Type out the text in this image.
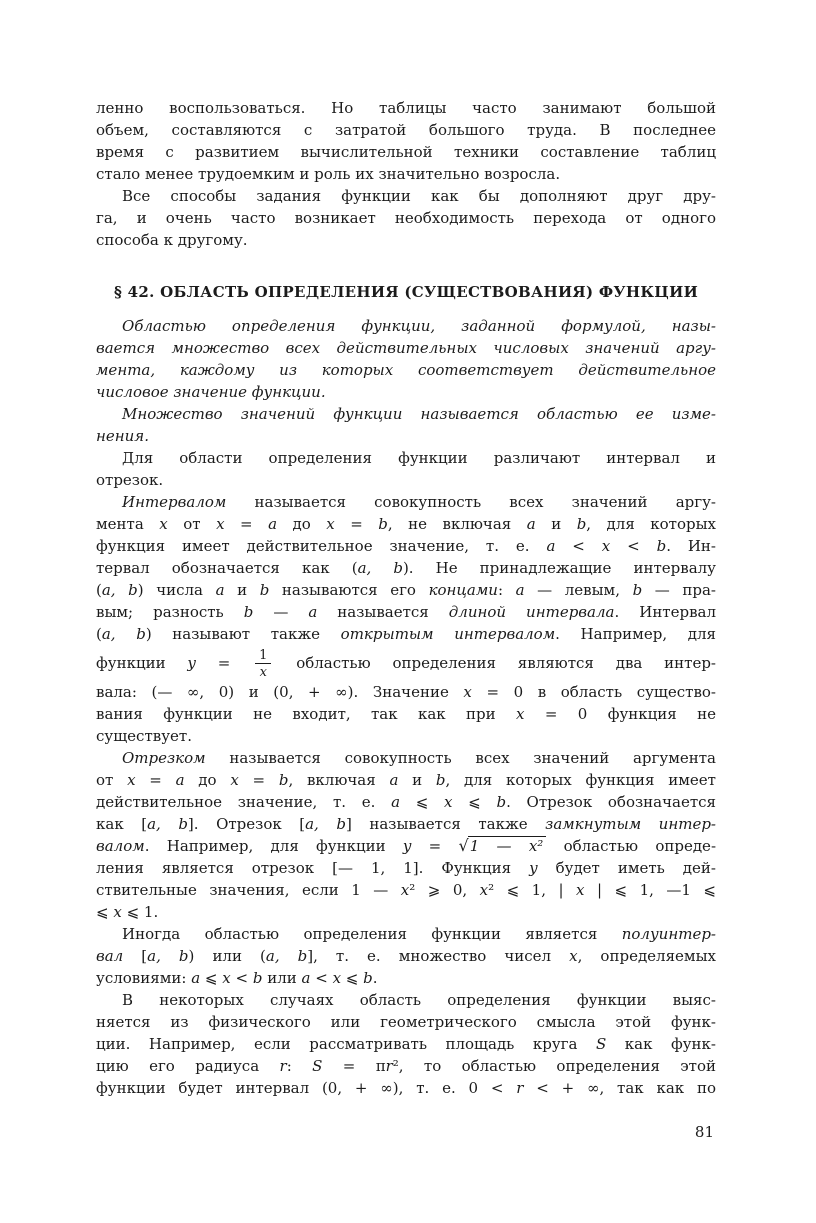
ленно воспользоваться. Но таблицы часто занимают большой
объем, составляются с затратой большого труда. В последнее
время с развитием вычислительной техники составление таблиц
стало менее трудоемким и роль их значительно возросла.
Все способы задания функции как бы дополняют друг дру-
га, и очень часто возникает необходимость перехода от одного
способа к другому.
§ 42. ОБЛАСТЬ ОПРЕДЕЛЕНИЯ (СУЩЕСТВОВАНИЯ) ФУНКЦИИ
Областью определения функции, заданной формулой, назы-
вается множество всех действительных числовых значений аргу-
мента, каждому из которых соответствует действительное
числовое значение функции.
Множество значений функции называется областью ее изме-
нения.
Для области определения функции различают интервал и
отрезок.
Интервалом называется совокупность всех значений аргу-
мента x от x = a до x = b, не включая a и b, для которых
функция имеет действительное значение, т. е. a < x < b. Ин-
тервал обозначается как (a, b). Не принадлежащие интервалу
(a, b) числа a и b называются его концами: a — левым, b — пра-
вым; разность b — a называется длиной интервала. Интервал
(a, b) называют также открытым интервалом. Например, для
функции $y = \frac{1}{x}$ областью определения являются два интер-
вала: (— ∞, 0) и (0, + ∞). Значение x = 0 в область существо-
вания функции не входит, так как при x = 0 функция не
существует.
Отрезком называется совокупность всех значений аргумента
от x = a до x = b, включая a и b, для которых функция имеет
действительное значение, т. е. a ⩽ x ⩽ b. Отрезок обозначается
как [a, b]. Отрезок [a, b] называется также замкнутым интер-
валом. Например, для функции y = √ 1 — x² областью опреде-
ления является отрезок [— 1, 1]. Функция y будет иметь дей-
ствительные значения, если 1 — x² ⩾ 0, x² ⩽ 1, | x | ⩽ 1, —1 ⩽
⩽ x ⩽ 1.
Иногда областью определения функции является полуинтер-
вал [a, b) или (a, b], т. е. множество чисел x, определяемых
условиями: a ⩽ x < b или a < x ⩽ b.
В некоторых случаях область определения функции выяс-
няется из физического или геометрического смысла этой функ-
ции. Например, если рассматривать площадь круга S как функ-
цию его радиуса r: S = πr², то областью определения этой
функции будет интервал (0, + ∞), т. е. 0 < r < + ∞, так как по
81
